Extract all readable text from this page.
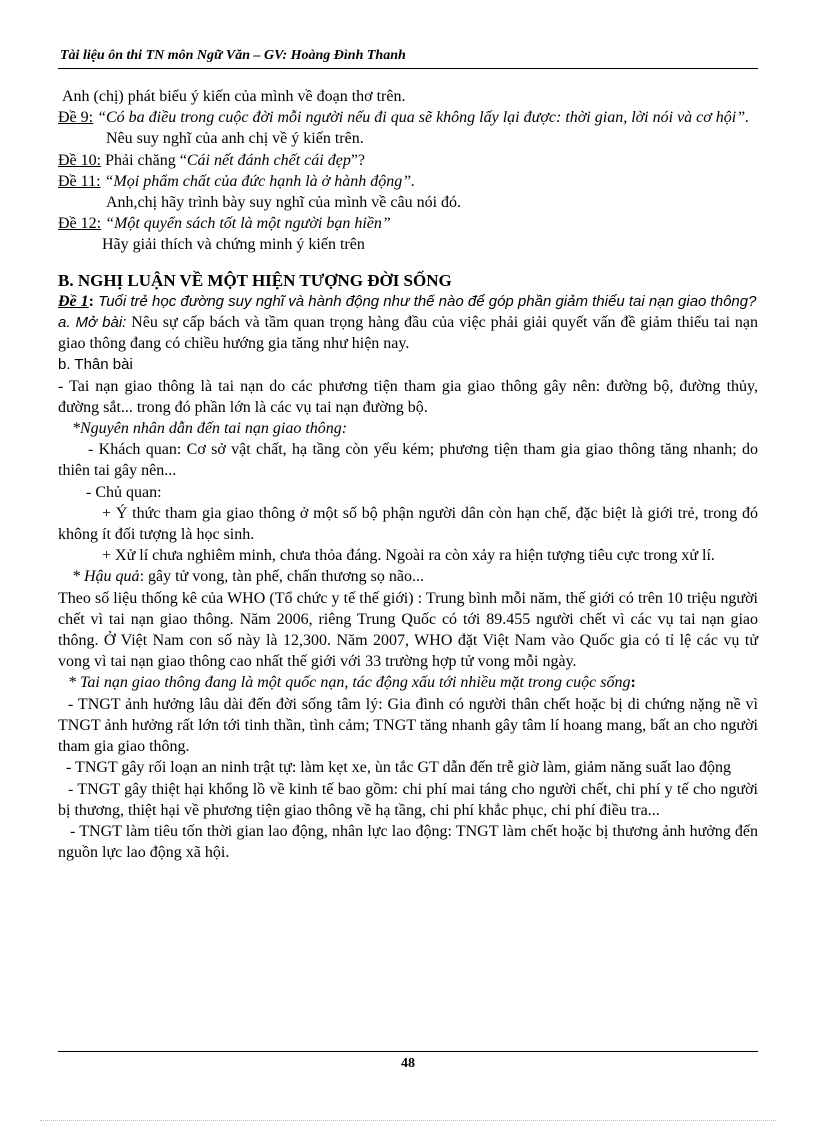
Tài liệu ôn thi TN môn Ngữ Văn – GV: Hoàng Đình Thanh

Anh (chị) phát biểu ý kiến của mình về đoạn thơ trên.

Đề 9: “Có ba điều trong cuộc đời mỗi người nếu đi qua sẽ không lấy lại được: thời gian, lời nói và cơ hội”.

Nêu suy nghĩ của anh chị về ý kiến trên.

Đề 10: Phải chăng “Cái nết đánh chết cái đẹp”?

Đề 11: “Mọi phẩm chất của đức hạnh là ở hành động”.

Anh,chị hãy trình bày suy nghĩ của mình về câu nói đó.

Đề 12: “Một quyển sách tốt là một người bạn hiền”

Hãy giải thích và chứng minh ý kiến trên

B. NGHỊ LUẬN VỀ MỘT HIỆN TƯỢNG ĐỜI SỐNG

Đề 1: Tuổi trẻ học đường suy nghĩ và hành động như thế nào để góp phần giảm thiểu tai nạn giao thông?

a. Mở bài: Nêu sự cấp bách và tầm quan trọng hàng đầu của việc phải giải quyết vấn đề giảm thiểu tai nạn giao thông đang có chiều hướng gia tăng như hiện nay.

b. Thân bài

- Tai nạn giao thông là tai nạn do các phương tiện tham gia giao thông gây nên: đường bộ, đường thủy, đường sắt... trong đó phần lớn là các vụ tai nạn đường bộ.

*Nguyên nhân dẫn đến tai nạn giao thông:

- Khách quan: Cơ sở vật chất, hạ tầng còn yếu kém; phương tiện tham gia giao thông tăng nhanh; do thiên tai gây nên...

- Chủ quan:

+ Ý thức tham gia giao thông ở một số bộ phận người dân còn hạn chế, đặc biệt là giới trẻ, trong đó không ít đối tượng là học sinh.

+ Xử lí chưa nghiêm minh, chưa thỏa đáng. Ngoài ra còn xảy ra hiện tượng tiêu cực trong xử lí.

* Hậu quả: gây tử vong, tàn phế, chấn thương sọ não...

Theo số liệu thống kê của WHO (Tổ chức y tế thế giới) : Trung bình mỗi năm, thế giới có trên 10 triệu người chết vì tai nạn giao thông. Năm 2006, riêng Trung Quốc có tới 89.455 người chết vì các vụ tai nạn giao thông. Ở Việt Nam con số này là 12,300. Năm 2007, WHO đặt Việt Nam vào Quốc gia có tỉ lệ các vụ tử vong vì tai nạn giao thông cao nhất thế giới với 33 trường hợp tử vong mỗi ngày.

* Tai nạn giao thông đang là một quốc nạn, tác động xấu tới nhiều mặt trong cuộc sống:

- TNGT ảnh hưởng lâu dài đến đời sống tâm lý: Gia đình có người thân chết hoặc bị di chứng nặng nề vì TNGT ảnh hưởng rất lớn tới tinh thần, tình cảm; TNGT tăng nhanh gây tâm lí hoang mang, bất an cho người tham gia giao thông.

- TNGT gây rối loạn an ninh trật tự: làm kẹt xe, ùn tắc GT dẫn đến trễ giờ làm, giảm năng suất lao động

- TNGT gây thiệt hại khổng lồ về kinh tế bao gồm: chi phí mai táng cho người chết, chi phí y tế cho người bị thương, thiệt hại về phương tiện giao thông về hạ tầng, chi phí khắc phục, chi phí điều tra...

- TNGT làm tiêu tốn thời gian lao động, nhân lực lao động: TNGT làm chết hoặc bị thương ảnh hưởng đến nguồn lực lao động xã hội.

48
